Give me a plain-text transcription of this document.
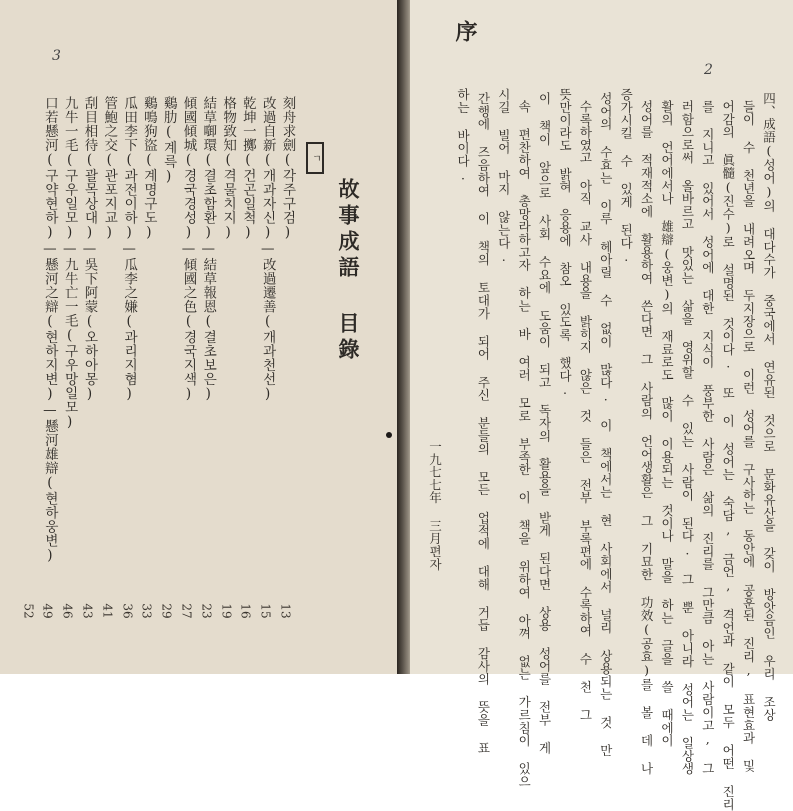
3
故事成語 目錄
ㄱ
刻舟求劍(각주구검)
13
改過自新(개과자신)—改過遷善(개과천선)
15
乾坤一擲(건곤일척)
16
格物致知(격물치지)
19
結草啣環(결초함환)—結草報恩(결초보은)
23
傾國傾城(경국경성)—傾國之色(경국지색)
27
鷄肋(계륵)
29
鷄鳴狗盜(계명구도)
33
瓜田李下(과전이하)—瓜李之嫌(과리지혐)
36
管鮑之交(관포지교)
41
刮目相待(괄목상대)—吳下阿蒙(오하아몽)
43
九牛一毛(구우일모)—九牛亡一毛(구우망일모)
46
口若懸河(구약현하)—懸河之辯(현하지변)—懸河雄辯(현하웅변)
49
52
2
序
四、成語(성어)의 대다수가 중국에서 연유된 것으로 문화유산을 갖이 방앗음인 우리 조상
들이 수 천년을 내려오며 두지장으로 이런 성어를 구사하는 동안에 공훈된 진리, 표현효과 및
어감의 眞髓(진수)로 설명된 것이다. 또 이 성어는 숙담, 금언, 격언과 같이 모두 어떤 진리
를 지니고 있어서 성어에 대한 지식이 풍부한 사람은 삶의 진리를 그만큼 아는 사람이고, 그
러함으로써 올바르고 맛있는 삶을 영위할 수 있는 사람이 된다. 그 뿐 아니라 성어는 일상생
활의 언어에서나 雄辯(웅변)의 재료로도 많이 이용되는 것이나 말을 하는 글을 쓸 때에이
성어를 적재적소에 활용하여 쓴다면 그 사람의 언어생활은 그 기묘한 功效(공효)를 볼 데 나
증가시킬 수 있게 된다.
성어의 수효는 이루 헤아릴 수 없이 많다. 이 책에서는 현 사회에서 널리 상용되는 것 만
수록하였고 아직 교사 내용을 밝히지 않은 것 들은 전부 부록편에 수록하여 수 천 그
뜻만이라도 밝혀 응용에 참오 있도록 했다.
이 책이 앞으로 사회 수요에 도움이 되고 독자의 활용을 받게 된다면 상용 성어를 전부 게
속 편찬하여 총망라하고자 하는 바 여러 모로 부족한 이 책을 위하여 아껴 없는 가르침이 있으
시길 빌어 마지 않는다.
간행에 즈음하여 이 책의 토대가 되어 주신 분들의 모든 업적에 대해 거듭 감사의 뜻을 표
하는 바이다.
一九七七年 三月
편자
